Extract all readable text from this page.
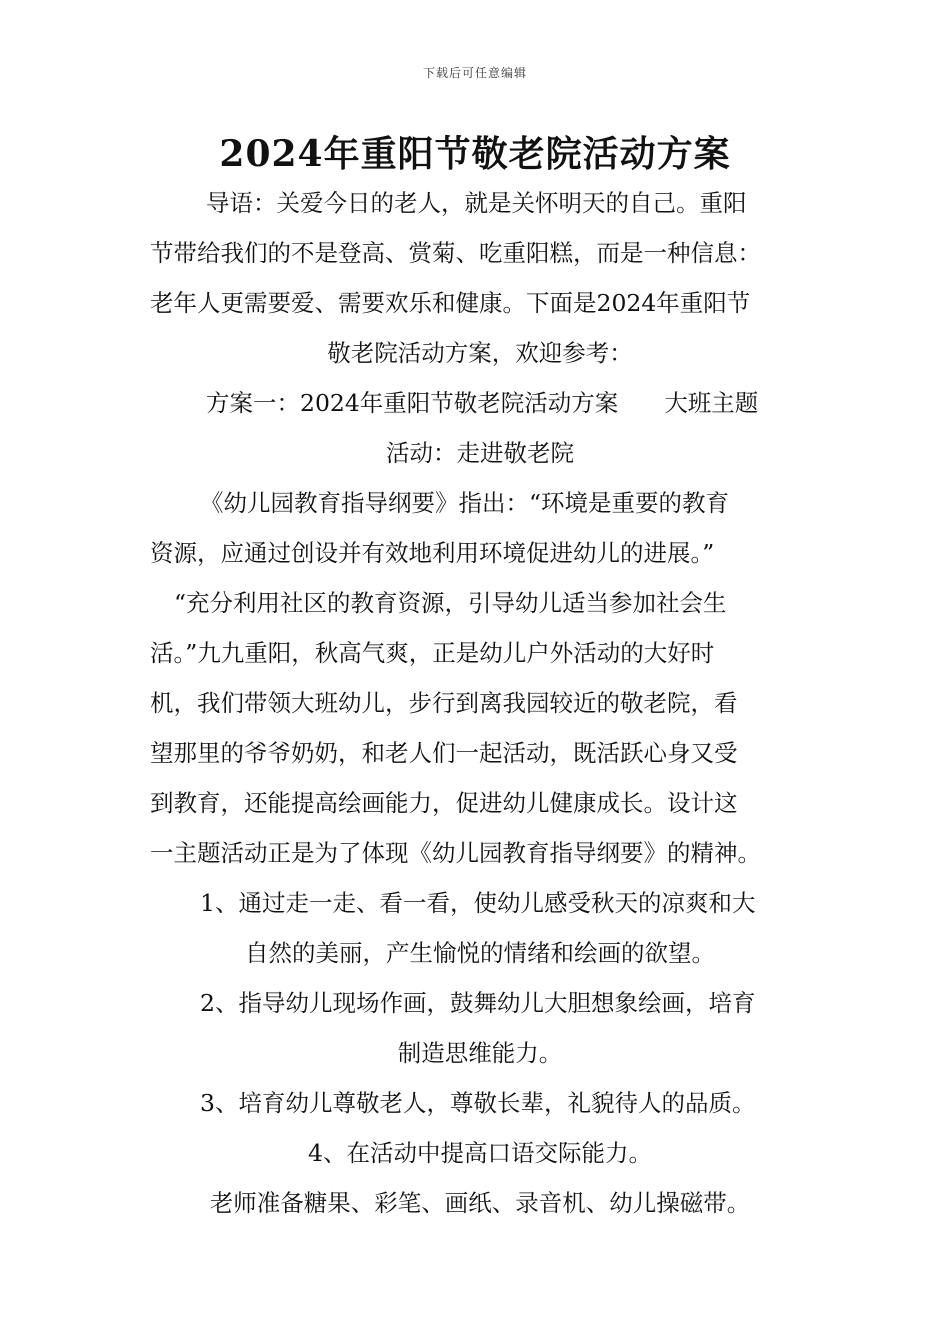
下载后可任意编辑
2024年重阳节敬老院活动方案
导语：关爱今日的老人，就是关怀明天的自己。重阳
节带给我们的不是登高、赏菊、吃重阳糕，而是一种信息：
老年人更需要爱、需要欢乐和健康。下面是2024年重阳节
敬老院活动方案，欢迎参考：
方案一：2024年重阳节敬老院活动方案 大班主题
活动：走进敬老院
《幼儿园教育指导纲要》指出：“环境是重要的教育
资源，应通过创设并有效地利用环境促进幼儿的进展。”
“充分利用社区的教育资源，引导幼儿适当参加社会生
活。”九九重阳，秋高气爽，正是幼儿户外活动的大好时
机，我们带领大班幼儿，步行到离我园较近的敬老院，看
望那里的爷爷奶奶，和老人们一起活动，既活跃心身又受
到教育，还能提高绘画能力，促进幼儿健康成长。设计这
一主题活动正是为了体现《幼儿园教育指导纲要》的精神。
1、通过走一走、看一看，使幼儿感受秋天的凉爽和大
自然的美丽，产生愉悦的情绪和绘画的欲望。
2、指导幼儿现场作画，鼓舞幼儿大胆想象绘画，培育
制造思维能力。
3、培育幼儿尊敬老人，尊敬长辈，礼貌待人的品质。
4、在活动中提高口语交际能力。
老师准备糖果、彩笔、画纸、录音机、幼儿操磁带。
